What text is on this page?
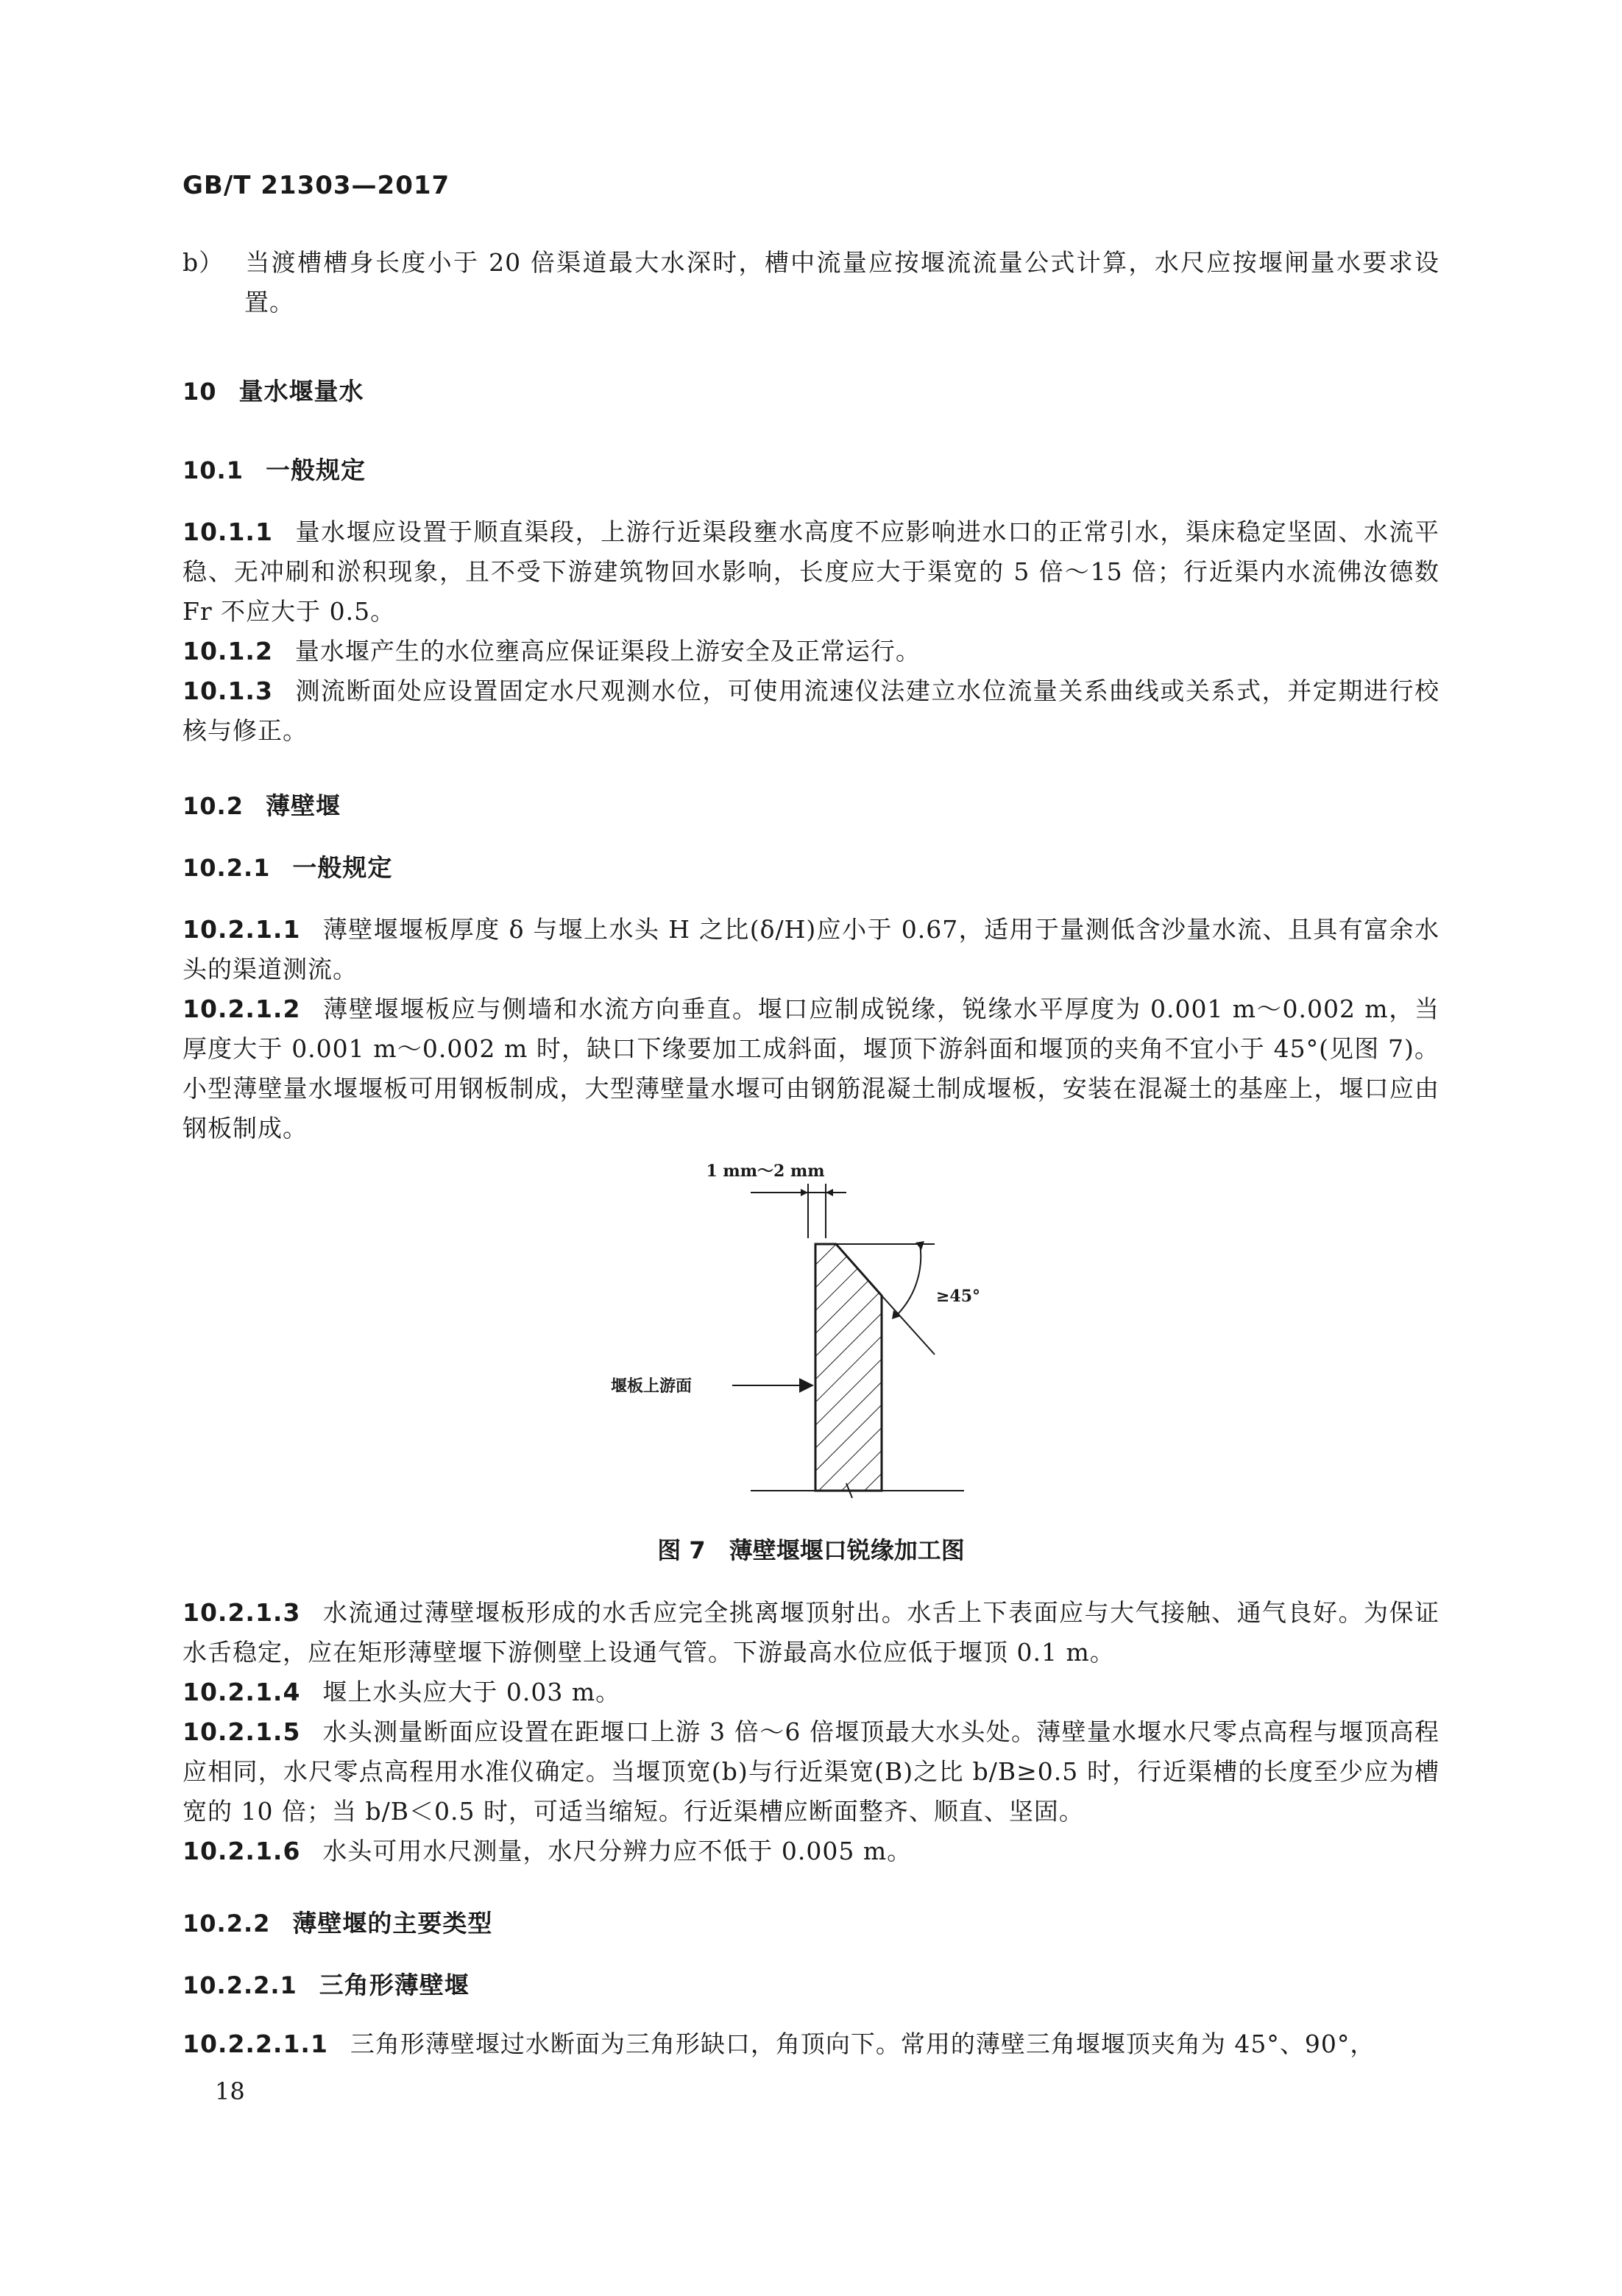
GB/T 21303—2017

b） 当渡槽槽身长度小于 20 倍渠道最大水深时，槽中流量应按堰流流量公式计算，水尺应按堰闸量水要求设置。

10 量水堰量水
10.1 一般规定

10.1.1 量水堰应设置于顺直渠段，上游行近渠段壅水高度不应影响进水口的正常引水，渠床稳定坚固、水流平稳、无冲刷和淤积现象，且不受下游建筑物回水影响，长度应大于渠宽的 5 倍～15 倍；行近渠内水流佛汝德数 Fr 不应大于 0.5。

10.1.2 量水堰产生的水位壅高应保证渠段上游安全及正常运行。

10.1.3 测流断面处应设置固定水尺观测水位，可使用流速仪法建立水位流量关系曲线或关系式，并定期进行校核与修正。

10.2 薄壁堰
10.2.1 一般规定

10.2.1.1 薄壁堰堰板厚度 δ 与堰上水头 H 之比(δ/H)应小于 0.67，适用于量测低含沙量水流、且具有富余水头的渠道测流。

10.2.1.2 薄壁堰堰板应与侧墙和水流方向垂直。堰口应制成锐缘，锐缘水平厚度为 0.001 m～0.002 m，当厚度大于 0.001 m～0.002 m 时，缺口下缘要加工成斜面，堰顶下游斜面和堰顶的夹角不宜小于 45°(见图 7)。小型薄壁量水堰堰板可用钢板制成，大型薄壁量水堰可由钢筋混凝土制成堰板，安装在混凝土的基座上，堰口应由钢板制成。

1 mm～2 mm
≥45°
堰板上游面
图 7　薄壁堰堰口锐缘加工图

10.2.1.3 水流通过薄壁堰板形成的水舌应完全挑离堰顶射出。水舌上下表面应与大气接触、通气良好。为保证水舌稳定，应在矩形薄壁堰下游侧壁上设通气管。下游最高水位应低于堰顶 0.1 m。

10.2.1.4 堰上水头应大于 0.03 m。

10.2.1.5 水头测量断面应设置在距堰口上游 3 倍～6 倍堰顶最大水头处。薄壁量水堰水尺零点高程与堰顶高程应相同，水尺零点高程用水准仪确定。当堰顶宽(b)与行近渠宽(B)之比 b/B≥0.5 时，行近渠槽的长度至少应为槽宽的 10 倍；当 b/B＜0.5 时，可适当缩短。行近渠槽应断面整齐、顺直、坚固。

10.2.1.6 水头可用水尺测量，水尺分辨力应不低于 0.005 m。

10.2.2 薄壁堰的主要类型
10.2.2.1 三角形薄壁堰

10.2.2.1.1 三角形薄壁堰过水断面为三角形缺口，角顶向下。常用的薄壁三角堰堰顶夹角为 45°、90°，

18
